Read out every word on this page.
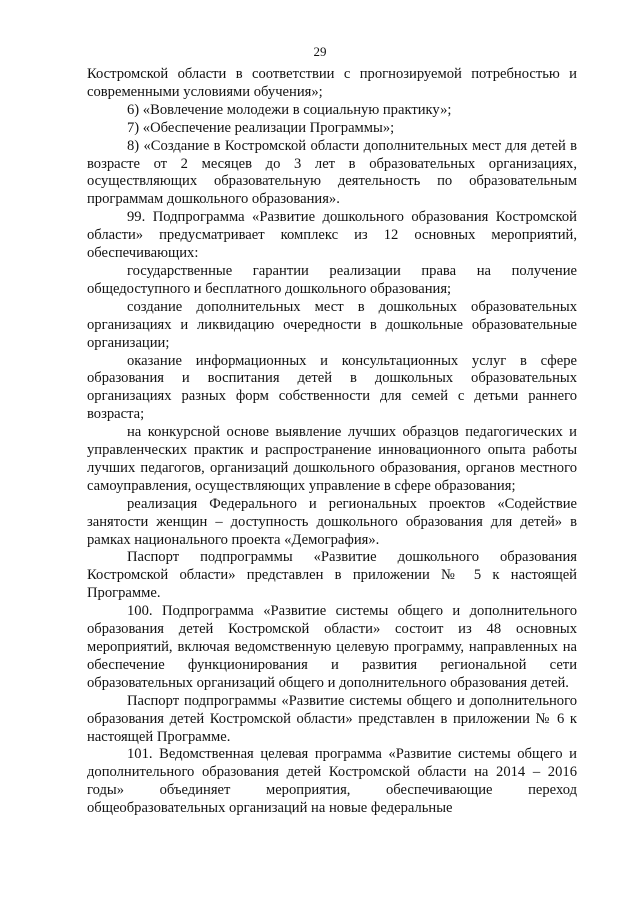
29

Костромской области в соответствии с прогнозируемой потребностью и современными условиями обучения»;

6) «Вовлечение молодежи в социальную практику»;

7) «Обеспечение реализации Программы»;

8) «Создание в Костромской области дополнительных мест для детей в возрасте от 2 месяцев до 3 лет в образовательных организациях, осуществляющих образовательную деятельность по образовательным программам дошкольного образования».

99. Подпрограмма «Развитие дошкольного образования Костромской области» предусматривает комплекс из 12 основных мероприятий, обеспечивающих:

государственные гарантии реализации права на получение общедоступного и бесплатного дошкольного образования;

создание дополнительных мест в дошкольных образовательных организациях и ликвидацию очередности в дошкольные образовательные организации;

оказание информационных и консультационных услуг в сфере образования и воспитания детей в дошкольных образовательных организациях разных форм собственности для семей с детьми раннего возраста;

на конкурсной основе выявление лучших образцов педагогических и управленческих практик и распространение инновационного опыта работы лучших педагогов, организаций дошкольного образования, органов местного самоуправления, осуществляющих управление в сфере образования;

реализация Федерального и региональных проектов «Содействие занятости женщин – доступность дошкольного образования для детей» в рамках национального проекта «Демография».

Паспорт подпрограммы «Развитие дошкольного образования Костромской области» представлен в приложении № 5 к настоящей Программе.

100. Подпрограмма «Развитие системы общего и дополнительного образования детей Костромской области» состоит из 48 основных мероприятий, включая ведомственную целевую программу, направленных на обеспечение функционирования и развития региональной сети образовательных организаций общего и дополнительного образования детей.

Паспорт подпрограммы «Развитие системы общего и дополнительного образования детей Костромской области» представлен в приложении № 6 к настоящей Программе.

101. Ведомственная целевая программа «Развитие системы общего и дополнительного образования детей Костромской области на 2014 – 2016 годы» объединяет мероприятия, обеспечивающие переход общеобразовательных организаций на новые федеральные
